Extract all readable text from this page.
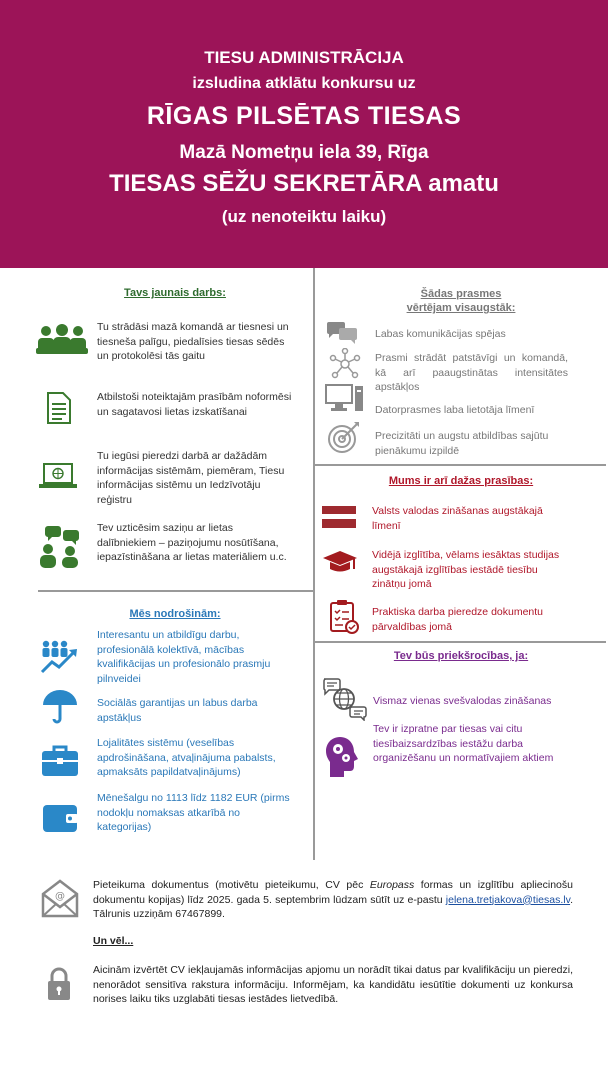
TIESU ADMINISTRĀCIJA
izsludina atklātu konkursu uz
RĪGAS PILSĒTAS TIESAS
Mazā Nometņu iela 39, Rīga
TIESAS SĒŽU SEKRETĀRA amatu
(uz nenoteiktu laiku)
Tavs jaunais darbs:
Tu strādāsi mazā komandā ar tiesnesi un tiesneša palīgu, piedalīsies tiesas sēdēs un protokolēsi tās gaitu
Atbilstoši noteiktajām prasībām noformēsi un sagatavosi lietas izskatīšanai
Tu iegūsi pieredzi darbā ar dažādām informācijas sistēmām, piemēram, Tiesu informācijas sistēmu un Iedzīvotāju reģistru
Tev uzticēsim saziņu ar lietas dalībniekiem – paziņojumu nosūtīšana, iepazīstināšana ar lietas materiāliem u.c.
Mēs nodrošinām:
Interesantu un atbildīgu darbu, profesionālā kolektīvā, mācības kvalifikācijas un profesionālo prasmju pilnveidei
Sociālās garantijas un labus darba apstākļus
Lojalitātes sistēmu (veselības apdrošināšana, atvaļinājuma pabalsts, apmaksāts papildatvaļinājums)
Mēnešalgu no 1113 līdz 1182 EUR (pirms nodokļu nomaksas atkarībā no kategorijas)
Šādas prasmes
vērtējam visaugstāk:
Labas komunikācijas spējas
Prasmi strādāt patstāvīgi un komandā, kā arī paaugstinātas intensitātes apstākļos
Datorprasmes laba lietotāja līmenī
Precizitāti un augstu atbildības sajūtu pienākumu izpildē
Mums ir arī dažas prasības:
Valsts valodas zināšanas augstākajā līmenī
Vidējā izglītība, vēlams iesāktas studijas augstākajā izglītības iestādē tiesību zinātņu jomā
Praktiska darba pieredze dokumentu pārvaldības jomā
Tev būs priekšrocības, ja:
Vismaz vienas svešvalodas zināšanas
Tev ir izpratne par tiesas vai citu tiesībaizsardzības iestāžu darba organizēšanu un normatīvajiem aktiem
@
Pieteikuma dokumentus (motivētu pieteikumu, CV pēc Europass formas un izglītību apliecinošu dokumentu kopijas) līdz 2025. gada 5. septembrim lūdzam sūtīt uz e-pastu jelena.tretjakova@tiesas.lv. Tālrunis uzziņām 67467899.
Un vēl...
Aicinām izvērtēt CV iekļaujamās informācijas apjomu un norādīt tikai datus par kvalifikāciju un pieredzi, nenorādot sensitīva rakstura informāciju. Informējam, ka kandidātu iesūtītie dokumenti uz konkursa norises laiku tiks uzglabāti tiesas iestādes lietvedībā.
